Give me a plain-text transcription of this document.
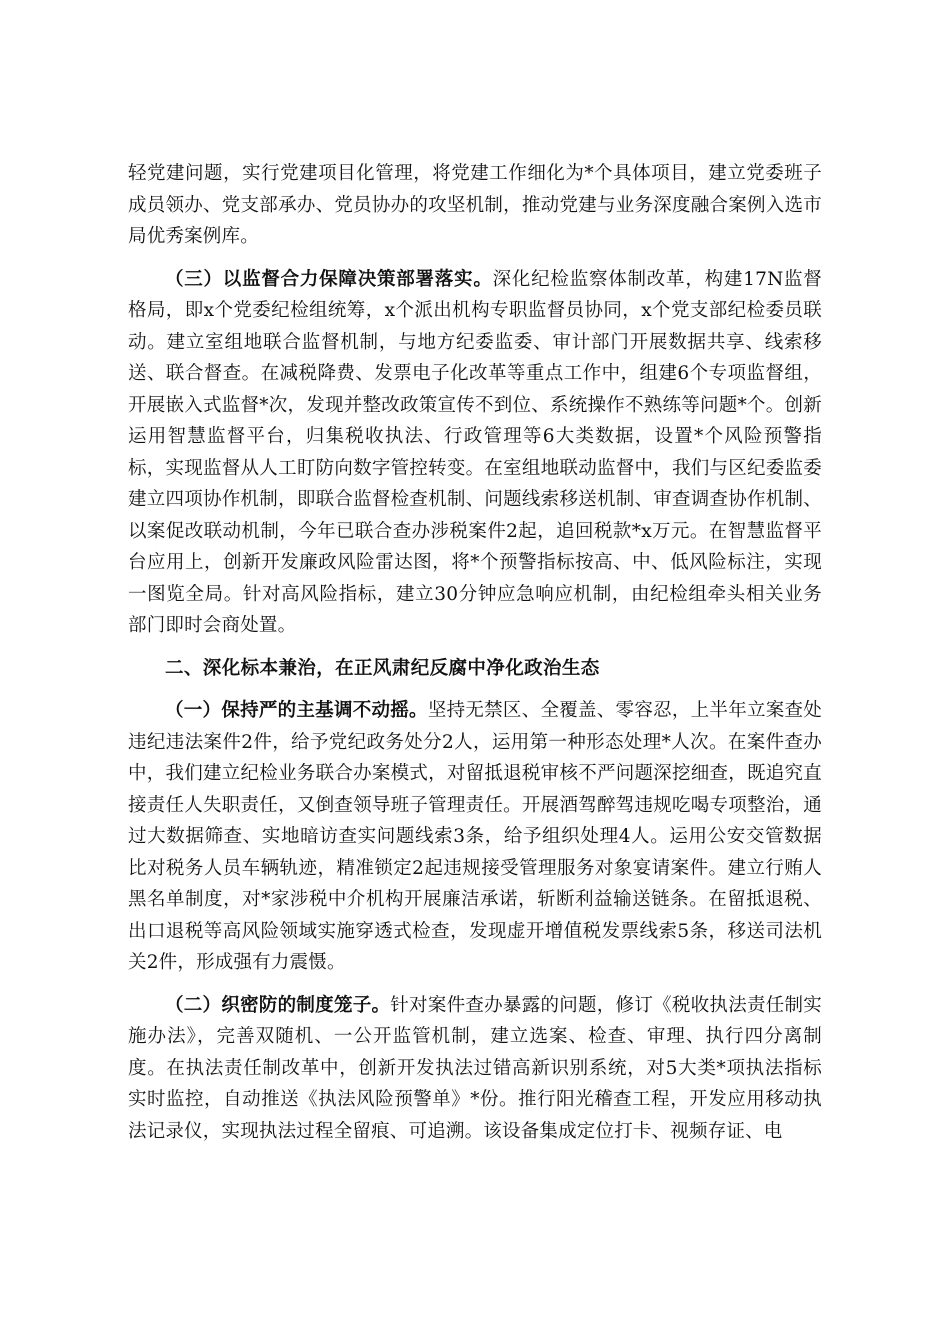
轻党建问题，实行党建项目化管理，将党建工作细化为*个具体项目，建立党委班子成员领办、党支部承办、党员协办的攻坚机制，推动党建与业务深度融合案例入选市局优秀案例库。

（三）以监督合力保障决策部署落实。深化纪检监察体制改革，构建17N监督格局，即x个党委纪检组统筹，x个派出机构专职监督员协同，x个党支部纪检委员联动。建立室组地联合监督机制，与地方纪委监委、审计部门开展数据共享、线索移送、联合督查。在减税降费、发票电子化改革等重点工作中，组建6个专项监督组，开展嵌入式监督*次，发现并整改政策宣传不到位、系统操作不熟练等问题*个。创新运用智慧监督平台，归集税收执法、行政管理等6大类数据，设置*个风险预警指标，实现监督从人工盯防向数字管控转变。在室组地联动监督中，我们与区纪委监委建立四项协作机制，即联合监督检查机制、问题线索移送机制、审查调查协作机制、以案促改联动机制，今年已联合查办涉税案件2起，追回税款*x万元。在智慧监督平台应用上，创新开发廉政风险雷达图，将*个预警指标按高、中、低风险标注，实现一图览全局。针对高风险指标，建立30分钟应急响应机制，由纪检组牵头相关业务部门即时会商处置。

二、深化标本兼治，在正风肃纪反腐中净化政治生态

（一）保持严的主基调不动摇。坚持无禁区、全覆盖、零容忍，上半年立案查处违纪违法案件2件，给予党纪政务处分2人，运用第一种形态处理*人次。在案件查办中，我们建立纪检业务联合办案模式，对留抵退税审核不严问题深挖细查，既追究直接责任人失职责任，又倒查领导班子管理责任。开展酒驾醉驾违规吃喝专项整治，通过大数据筛查、实地暗访查实问题线索3条，给予组织处理4人。运用公安交管数据比对税务人员车辆轨迹，精准锁定2起违规接受管理服务对象宴请案件。建立行贿人黑名单制度，对*家涉税中介机构开展廉洁承诺，斩断利益输送链条。在留抵退税、出口退税等高风险领域实施穿透式检查，发现虚开增值税发票线索5条，移送司法机关2件，形成强有力震慑。

（二）织密防的制度笼子。针对案件查办暴露的问题，修订《税收执法责任制实施办法》，完善双随机、一公开监管机制，建立选案、检查、审理、执行四分离制度。在执法责任制改革中，创新开发执法过错高新识别系统，对5大类*项执法指标实时监控，自动推送《执法风险预警单》*份。推行阳光稽查工程，开发应用移动执法记录仪，实现执法过程全留痕、可追溯。该设备集成定位打卡、视频存证、电
